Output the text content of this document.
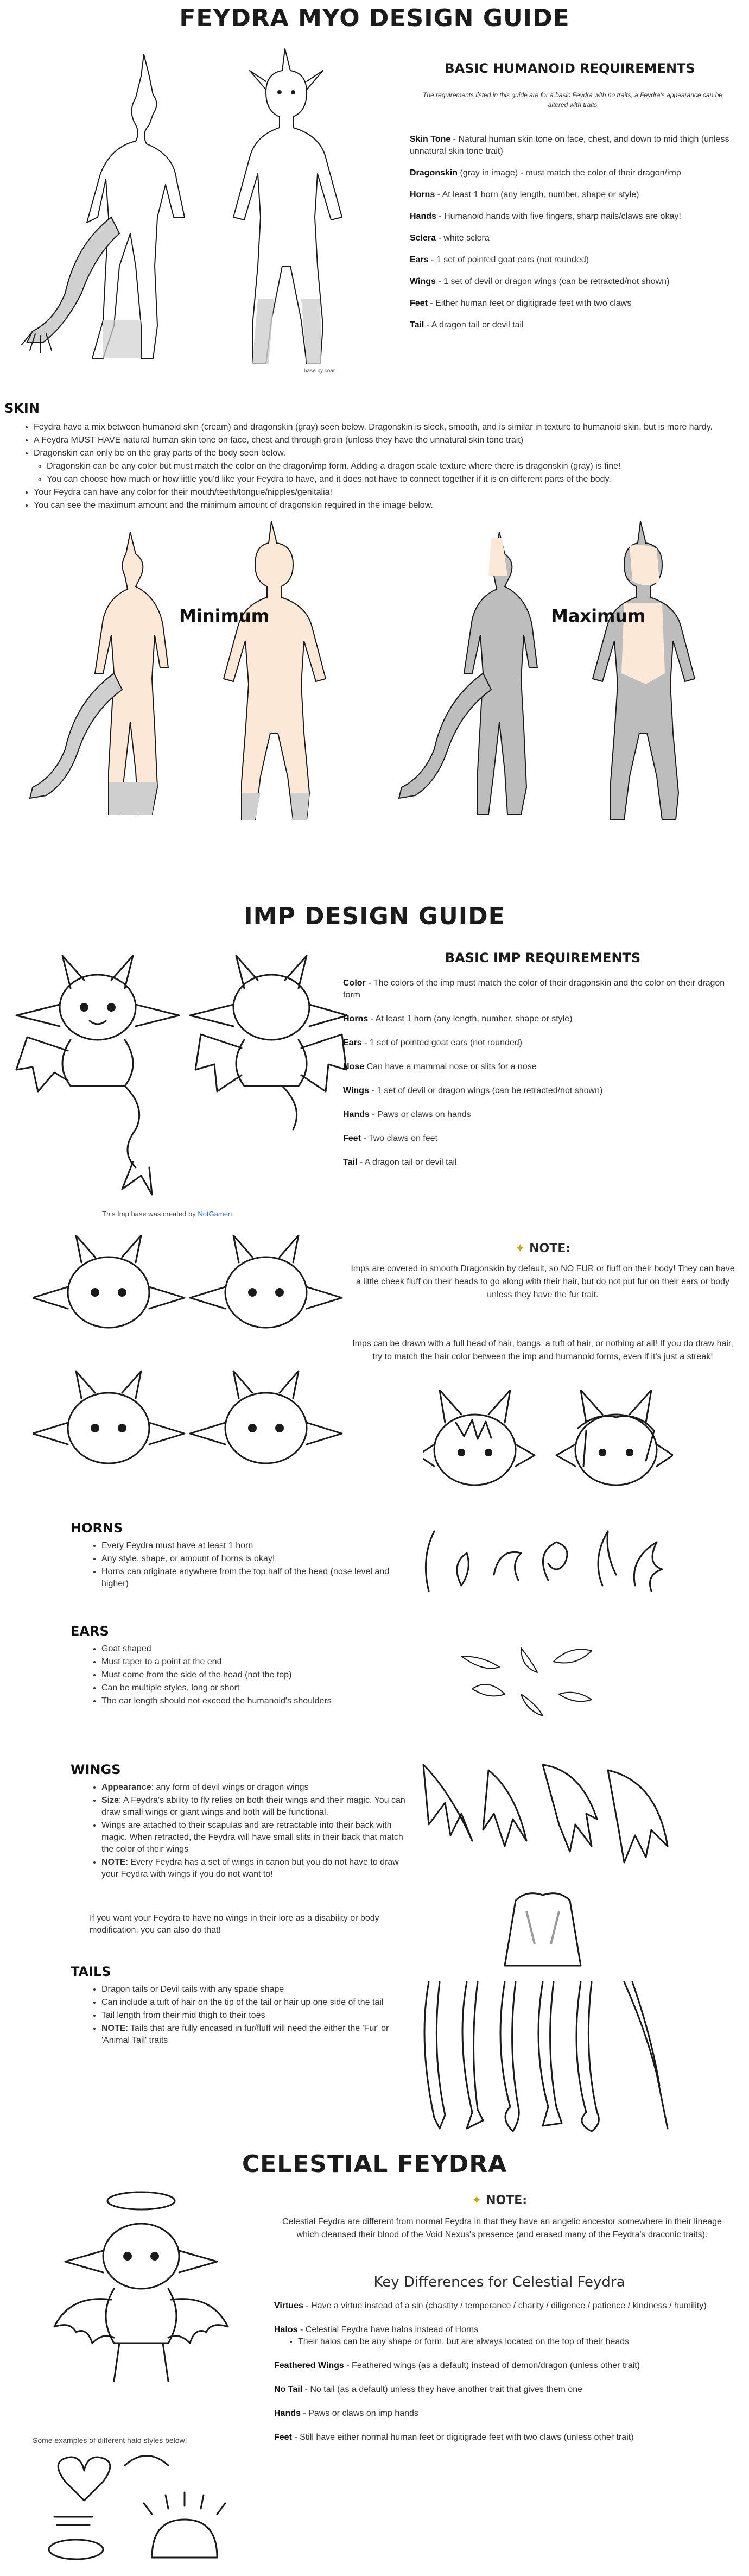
FEYDRA MYO DESIGN GUIDE
base by coar
BASIC HUMANOID REQUIREMENTS
The requirements listed in this guide are for a basic Feydra with no traits; a Feydra's appearance can be altered with traits

Skin Tone - Natural human skin tone on face, chest, and down to mid thigh (unless unnatural skin tone trait)

Dragonskin (gray in image) - must match the color of their dragon/imp

Horns - At least 1 horn (any length, number, shape or style)

Hands - Humanoid hands with five fingers, sharp nails/claws are okay!

Sclera - white sclera

Ears - 1 set of pointed goat ears (not rounded)

Wings - 1 set of devil or dragon wings (can be retracted/not shown)

Feet - Either human feet or digitigrade feet with two claws

Tail - A dragon tail or devil tail

SKIN
• Feydra have a mix between humanoid skin (cream) and dragonskin (gray) seen below. Dragonskin is sleek, smooth, and is similar in texture to humanoid skin, but is more hardy.
• A Feydra MUST HAVE natural human skin tone on face, chest and through groin (unless they have the unnatural skin tone trait)
• Dragonskin can only be on the gray parts of the body seen below.
◦ Dragonskin can be any color but must match the color on the dragon/imp form. Adding a dragon scale texture where there is dragonskin (gray) is fine!
◦ You can choose how much or how little you'd like your Feydra to have, and it does not have to connect together if it is on different parts of the body.
• Your Feydra can have any color for their mouth/teeth/tongue/nipples/genitalia!
• You can see the maximum amount and the minimum amount of dragonskin required in the image below.
Minimum	Maximum
IMP DESIGN GUIDE
This Imp base was created by NotGamen
BASIC IMP REQUIREMENTS

Color - The colors of the imp must match the color of their dragonskin and the color on their dragon form

Horns - At least 1 horn (any length, number, shape or style)

Ears - 1 set of pointed goat ears (not rounded)

Nose Can have a mammal nose or slits for a nose

Wings - 1 set of devil or dragon wings (can be retracted/not shown)

Hands - Paws or claws on hands

Feet - Two claws on feet

Tail - A dragon tail or devil tail

✦ NOTE:
Imps are covered in smooth Dragonskin by default, so NO FUR or fluff on their body! They can have a little cheek fluff on their heads to go along with their hair, but do not put fur on their ears or body unless they have the fur trait.
Imps can be drawn with a full head of hair, bangs, a tuft of hair, or nothing at all! If you do draw hair, try to match the hair color between the imp and humanoid forms, even if it's just a streak!
HORNS
• Every Feydra must have at least 1 horn
• Any style, shape, or amount of horns is okay!
• Horns can originate anywhere from the top half of the head (nose level and higher)
EARS
• Goat shaped
• Must taper to a point at the end
• Must come from the side of the head (not the top)
• Can be multiple styles, long or short
• The ear length should not exceed the humanoid's shoulders
WINGS
• Appearance: any form of devil wings or dragon wings
• Size: A Feydra's ability to fly relies on both their wings and their magic. You can draw small wings or giant wings and both will be functional.
• Wings are attached to their scapulas and are retractable into their back with magic. When retracted, the Feydra will have small slits in their back that match the color of their wings
• NOTE: Every Feydra has a set of wings in canon but you do not have to draw your Feydra with wings if you do not want to!
If you want your Feydra to have no wings in their lore as a disability or body modification, you can also do that!
TAILS
• Dragon tails or Devil tails with any spade shape
• Can include a tuft of hair on the tip of the tail or hair up one side of the tail
• Tail length from their mid thigh to their toes
• NOTE: Tails that are fully encased in fur/fluff will need the either the 'Fur' or 'Animal Tail' traits
CELESTIAL FEYDRA
Some examples of different halo styles below!
✦ NOTE:
Celestial Feydra are different from normal Feydra in that they have an angelic ancestor somewhere in their lineage which cleansed their blood of the Void Nexus's presence (and erased many of the Feydra's draconic traits).
Key Differences for Celestial Feydra

Virtues - Have a virtue instead of a sin (chastity / temperance / charity / diligence / patience / kindness / humility)

Halos - Celestial Feydra have halos instead of Horns

• Their halos can be any shape or form, but are always located on the top of their heads

Feathered Wings - Feathered wings (as a default) instead of demon/dragon (unless other trait)

No Tail - No tail (as a default) unless they have another trait that gives them one

Hands - Paws or claws on imp hands

Feet - Still have either normal human feet or digitigrade feet with two claws (unless other trait)
